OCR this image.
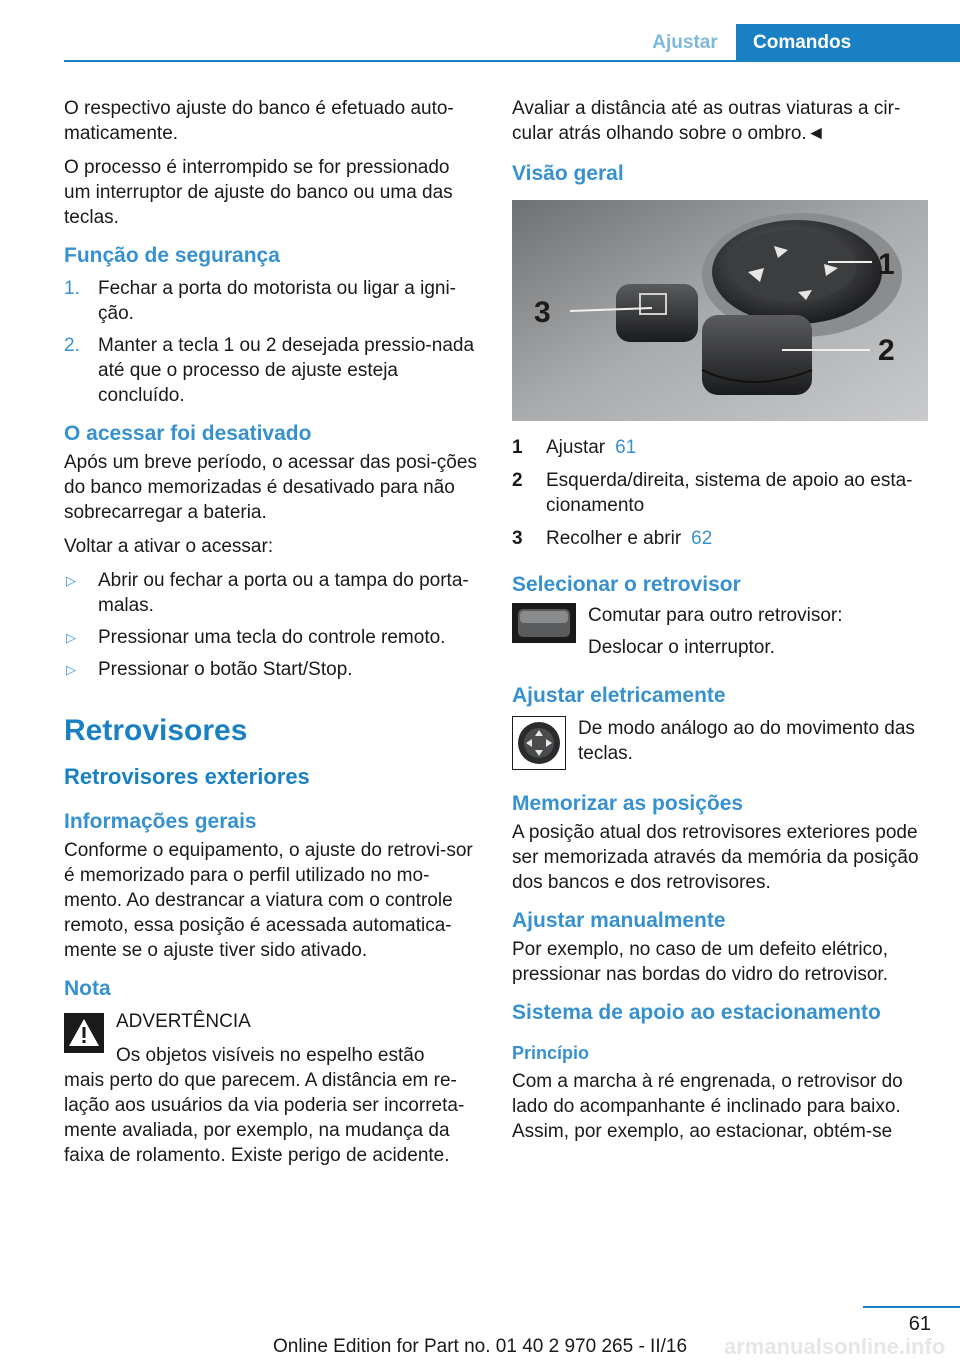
Ajustar	Comandos

O respectivo ajuste do banco é efetuado auto-maticamente.

O processo é interrompido se for pressionado um interruptor de ajuste do banco ou uma das teclas.

Função de segurança
1. Fechar a porta do motorista ou ligar a igni-ção.
2. Manter a tecla 1 ou 2 desejada pressio-nada até que o processo de ajuste esteja concluído.
O acessar foi desativado

Após um breve período, o acessar das posi-ções do banco memorizadas é desativado para não sobrecarregar a bateria.

Voltar a ativar o acessar:

▷	Abrir ou fechar a porta ou a tampa do porta-malas.
▷	Pressionar uma tecla do controle remoto.
▷	Pressionar o botão Start/Stop.
Retrovisores
Retrovisores exteriores
Informações gerais

Conforme o equipamento, o ajuste do retrovi-sor é memorizado para o perfil utilizado no mo-mento. Ao destrancar a viatura com o controle remoto, essa posição é acessada automatica-mente se o ajuste tiver sido ativado.

Nota
ADVERTÊNCIA
Os objetos visíveis no espelho estão

mais perto do que parecem. A distância em re-lação aos usuários da via poderia ser incorreta-mente avaliada, por exemplo, na mudança da faixa de rolamento. Existe perigo de acidente.

Avaliar a distância até as outras viaturas a cir-cular atrás olhando sobre o ombro.◄

Visão geral
1
2
3
1	Ajustar 61
2	Esquerda/direita, sistema de apoio ao esta-cionamento
3	Recolher e abrir 62
Selecionar o retrovisor
Comutar para outro retrovisor:
Deslocar o interruptor.
Ajustar eletricamente
De modo análogo ao do movimento das teclas.
Memorizar as posições

A posição atual dos retrovisores exteriores pode ser memorizada através da memória da posição dos bancos e dos retrovisores.

Ajustar manualmente

Por exemplo, no caso de um defeito elétrico, pressionar nas bordas do vidro do retrovisor.

Sistema de apoio ao estacionamento
Princípio

Com a marcha à ré engrenada, o retrovisor do lado do acompanhante é inclinado para baixo. Assim, por exemplo, ao estacionar, obtém-se

61
armanualsonline.info
Online Edition for Part no. 01 40 2 970 265 - II/16
